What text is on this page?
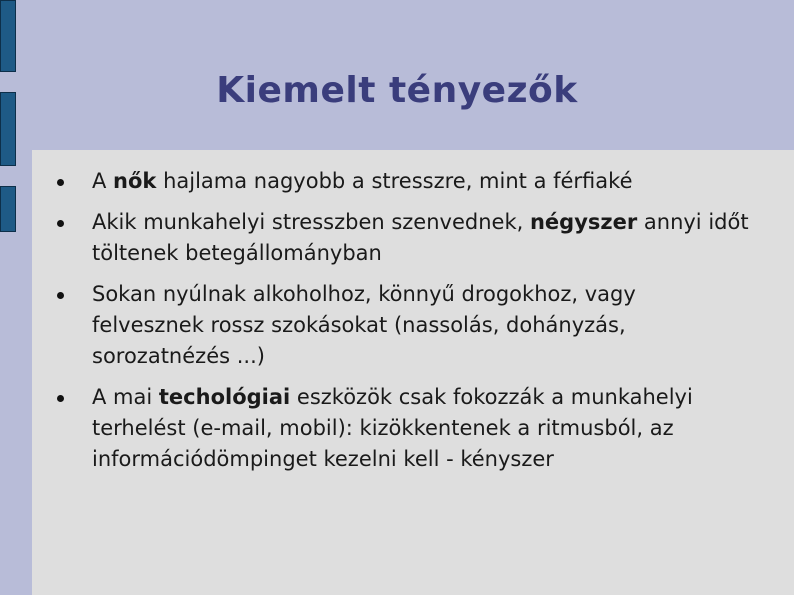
Kiemelt tényezők
A nők hajlama nagyobb a stresszre, mint a férfiaké
Akik munkahelyi stresszben szenvednek, négyszer annyi időt töltenek betegállományban
Sokan nyúlnak alkoholhoz, könnyű drogokhoz, vagy felvesznek rossz szokásokat (nassolás, dohányzás, sorozatnézés ...)
A mai techológiai eszközök csak fokozzák a munkahelyi terhelést (e-mail, mobil): kizökkentenek a ritmusból, az információdömpinget kezelni kell - kényszer
